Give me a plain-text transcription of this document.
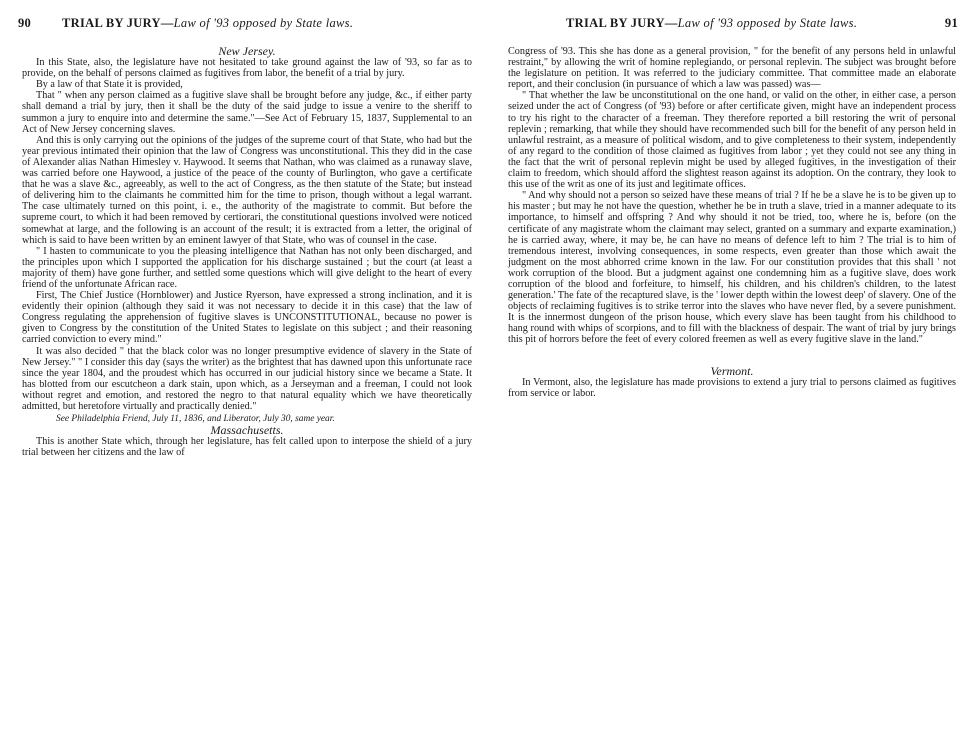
90 TRIAL BY JURY—Law of '93 opposed by State laws.

New Jersey.

In this State, also, the legislature have not hesitated to take ground against the law of '93, so far as to provide, on the behalf of persons claimed as fugitives from labor, the benefit of a trial by jury.

By a law of that State it is provided,

That " when any person claimed as a fugitive slave shall be brought before any judge, &c., if either party shall demand a trial by jury, then it shall be the duty of the said judge to issue a venire to the sheriff to summon a jury to enquire into and determine the same."—See Act of February 15, 1837, Supplemental to an Act of New Jersey concerning slaves.

And this is only carrying out the opinions of the judges of the supreme court of that State, who had but the year previous intimated their opinion that the law of Congress was unconstitutional. This they did in the case of Alexander alias Nathan Himesley v. Haywood. It seems that Nathan, who was claimed as a runaway slave, was carried before one Haywood, a justice of the peace of the county of Burlington, who gave a certificate that he was a slave &c., agreeably, as well to the act of Congress, as the then statute of the State; but instead of delivering him to the claimants he committed him for the time to prison, though without a legal warrant. The case ultimately turned on this point, i. e., the authority of the magistrate to commit. But before the supreme court, to which it had been removed by certiorari, the constitutional questions involved were noticed somewhat at large, and the following is an account of the result; it is extracted from a letter, the original of which is said to have been written by an eminent lawyer of that State, who was of counsel in the case.

" I hasten to communicate to you the pleasing intelligence that Nathan has not only been discharged, and the principles upon which I supported the application for his discharge sustained ; but the court (at least a majority of them) have gone further, and settled some questions which will give delight to the heart of every friend of the unfortunate African race.

First, The Chief Justice (Hornblower) and Justice Ryerson, have expressed a strong inclination, and it is evidently their opinion (although they said it was not necessary to decide it in this case) that the law of Congress regulating the apprehension of fugitive slaves is UNCONSTITUTIONAL, because no power is given to Congress by the constitution of the United States to legislate on this subject ; and their reasoning carried conviction to every mind."

It was also decided " that the black color was no longer presumptive evidence of slavery in the State of New Jersey." " I consider this day (says the writer) as the brightest that has dawned upon this unfortunate race since the year 1804, and the proudest which has occurred in our judicial history since we became a State. It has blotted from our escutcheon a dark stain, upon which, as a Jerseyman and a freeman, I could not look without regret and emotion, and restored the negro to that natural equality which we have theoretically admitted, but heretofore virtually and practically denied."

See Philadelphia Friend, July 11, 1836, and Liberator, July 30, same year.

Massachusetts.

This is another State which, through her legislature, has felt called upon to interpose the shield of a jury trial between her citizens and the law of

TRIAL BY JURY—Law of '93 opposed by State laws.	91

Congress of '93. This she has done as a general provision, " for the benefit of any persons held in unlawful restraint," by allowing the writ of homine replegiando, or personal replevin. The subject was brought before the legislature on petition. It was referred to the judiciary committee. That committee made an elaborate report, and their conclusion (in pursuance of which a law was passed) was—

" That whether the law be unconstitutional on the one hand, or valid on the other, in either case, a person seized under the act of Congress (of '93) before or after certificate given, might have an independent process to try his right to the character of a freeman. They therefore reported a bill restoring the writ of personal replevin ; remarking, that while they should have recommended such bill for the benefit of any person held in unlawful restraint, as a measure of political wisdom, and to give completeness to their system, independently of any regard to the condition of those claimed as fugitives from labor ; yet they could not see any thing in the fact that the writ of personal replevin might be used by alleged fugitives, in the investigation of their claim to freedom, which should afford the slightest reason against its adoption. On the contrary, they look to this use of the writ as one of its just and legitimate offices.

" And why should not a person so seized have these means of trial ? If he be a slave he is to be given up to his master ; but may he not have the question, whether he be in truth a slave, tried in a manner adequate to its importance, to himself and offspring ? And why should it not be tried, too, where he is, before (on the certificate of any magistrate whom the claimant may select, granted on a summary and exparte examination,) he is carried away, where, it may be, he can have no means of defence left to him ? The trial is to him of tremendous interest, involving consequences, in some respects, even greater than those which await the judgment on the most abhorred crime known in the law. For our constitution provides that this shall ' not work corruption of the blood. But a judgment against one condemning him as a fugitive slave, does work corruption of the blood and forfeiture, to himself, his children, and his children's children, to the latest generation.' The fate of the recaptured slave, is the ' lower depth within the lowest deep' of slavery. One of the objects of reclaiming fugitives is to strike terror into the slaves who have never fled, by a severe punishment. It is the innermost dungeon of the prison house, which every slave has been taught from his childhood to hang round with whips of scorpions, and to fill with the blackness of despair. The want of trial by jury brings this pit of horrors before the feet of every colored freemen as well as every fugitive slave in the land."

Vermont.

In Vermont, also, the legislature has made provisions to extend a jury trial to persons claimed as fugitives from service or labor.
